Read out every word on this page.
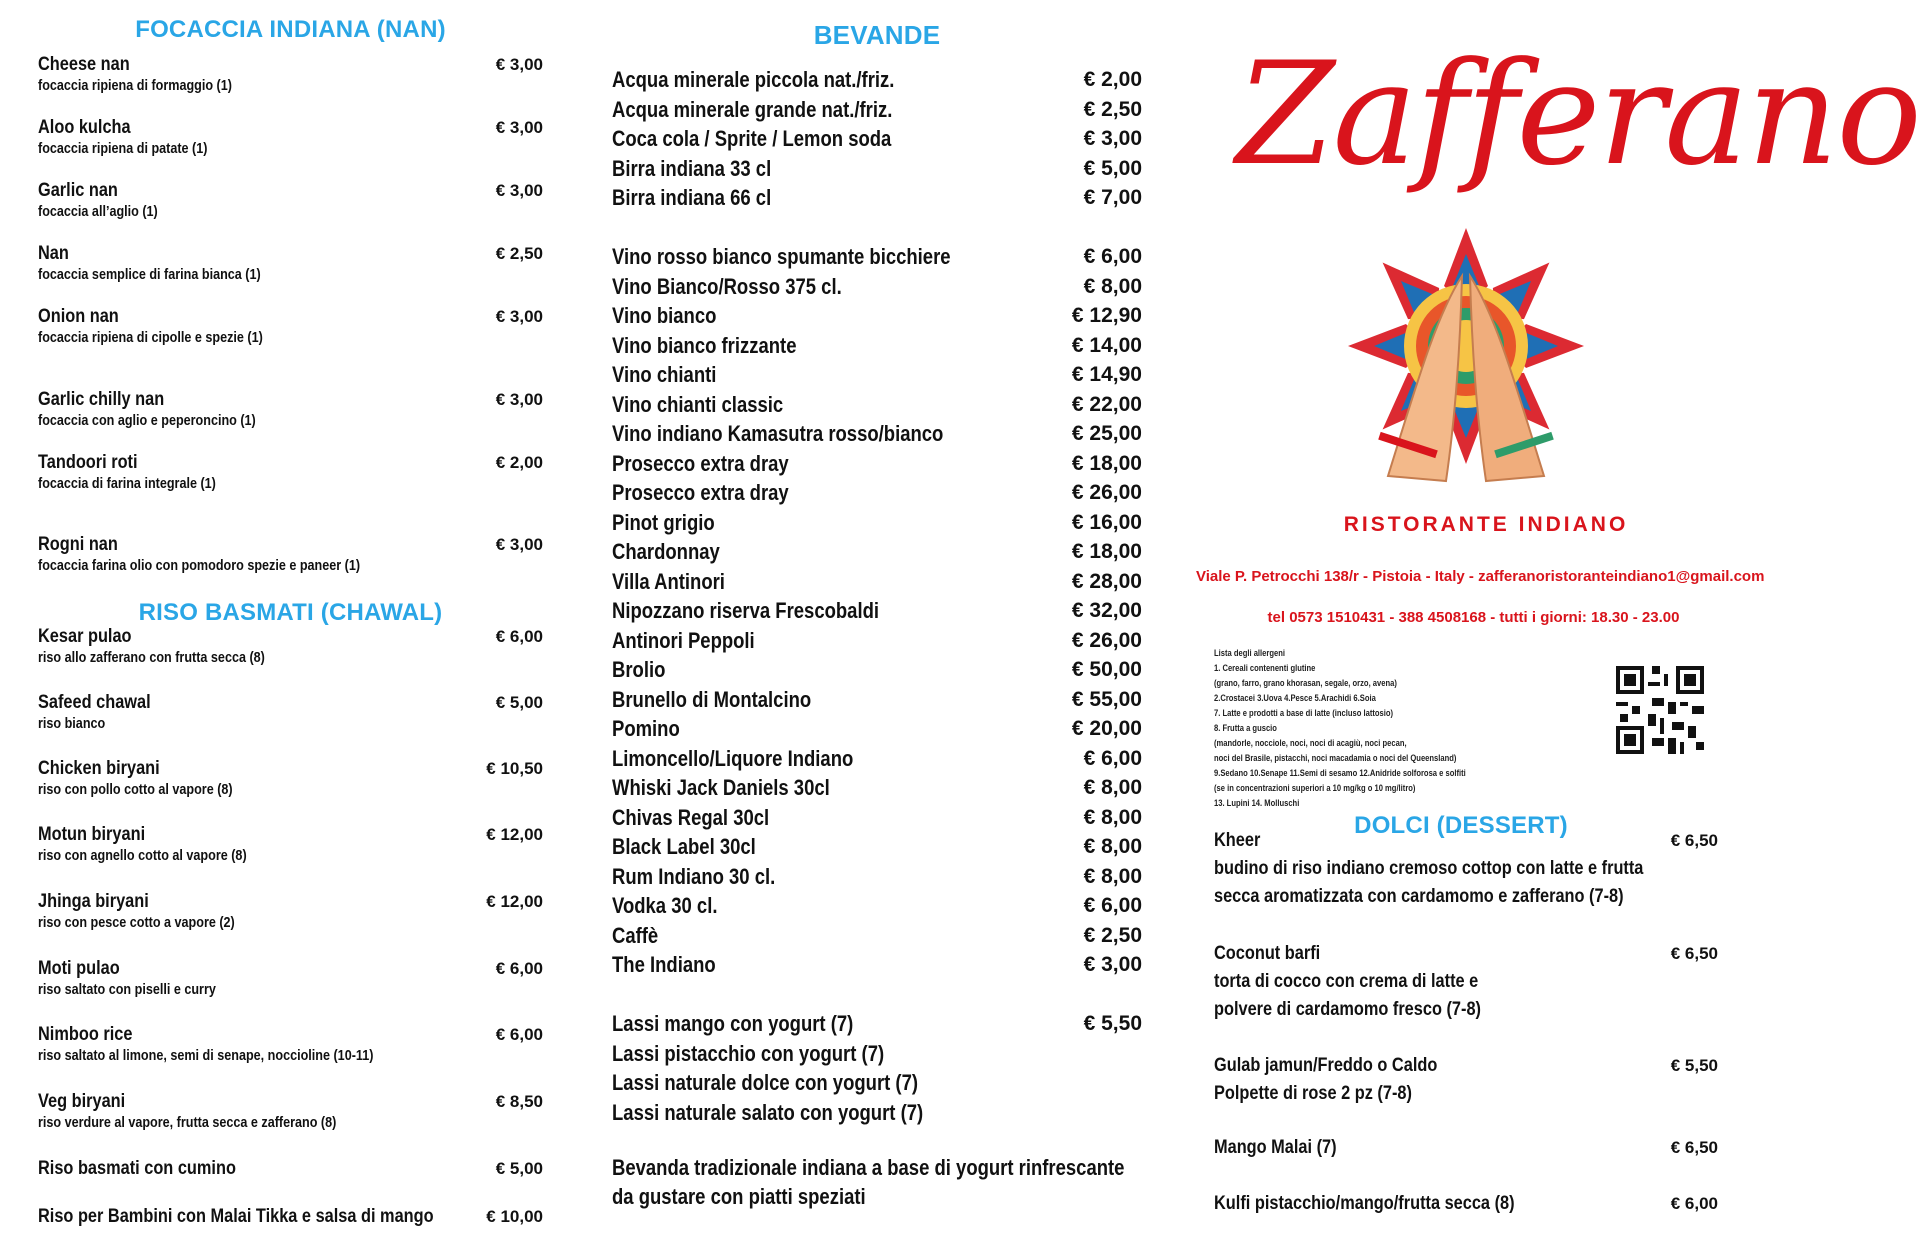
FOCACCIA INDIANA (NAN)
Cheese nan
focaccia ripiena di formaggio (1)
€ 3,00
Aloo kulcha
focaccia ripiena di patate (1)
€ 3,00
Garlic nan
focaccia all’aglio (1)
€ 3,00
Nan
focaccia semplice di farina bianca (1)
€ 2,50
Onion nan
focaccia ripiena di cipolle e spezie (1)
€ 3,00
Garlic chilly nan
focaccia con aglio e peperoncino (1)
€ 3,00
Tandoori roti
focaccia di farina integrale (1)
€ 2,00
Rogni nan
focaccia farina olio con pomodoro spezie e paneer (1)
€ 3,00
RISO BASMATI (CHAWAL)
Kesar pulao
riso allo zafferano con frutta secca (8)
€ 6,00
Safeed chawal
riso bianco
€ 5,00
Chicken biryani
riso con pollo cotto al vapore (8)
€ 10,50
Motun biryani
riso con agnello cotto al vapore (8)
€ 12,00
Jhinga biryani
riso con pesce cotto a vapore (2)
€ 12,00
Moti pulao
riso saltato con piselli e curry
€ 6,00
Nimboo rice
riso saltato al limone, semi di senape, noccioline (10-11)
€ 6,00
Veg biryani
riso verdure al vapore, frutta secca e zafferano (8)
€ 8,50
Riso basmati con cumino	€ 5,00
Riso per Bambini con Malai Tikka e salsa di mango	€ 10,00
BEVANDE
Acqua minerale piccola nat./friz.	€ 2,00
Acqua minerale grande nat./friz.	€ 2,50
Coca cola / Sprite / Lemon soda	€ 3,00
Birra indiana 33 cl	€ 5,00
Birra indiana 66 cl	€ 7,00
Vino rosso bianco spumante bicchiere	€ 6,00
Vino Bianco/Rosso 375 cl.	€ 8,00
Vino bianco	€ 12,90
Vino bianco frizzante	€ 14,00
Vino chianti	€ 14,90
Vino chianti classic	€ 22,00
Vino indiano Kamasutra rosso/bianco	€ 25,00
Prosecco extra dray	€ 18,00
Prosecco extra dray	€ 26,00
Pinot grigio	€ 16,00
Chardonnay	€ 18,00
Villa Antinori	€ 28,00
Nipozzano riserva Frescobaldi	€ 32,00
Antinori Peppoli	€ 26,00
Brolio	€ 50,00
Brunello di Montalcino	€ 55,00
Pomino	€ 20,00
Limoncello/Liquore Indiano	€ 6,00
Whiski Jack Daniels 30cl	€ 8,00
Chivas Regal 30cl	€ 8,00
Black Label 30cl	€ 8,00
Rum Indiano 30 cl.	€ 8,00
Vodka 30 cl.	€ 6,00
Caffè	€ 2,50
The Indiano	€ 3,00
Lassi mango con yogurt (7)	€ 5,50
Lassi pistacchio con yogurt (7)
Lassi naturale dolce con yogurt (7)
Lassi naturale salato con yogurt (7)
Bevanda tradizionale indiana a base di yogurt rinfrescante
da gustare con piatti speziati
Zafferano
RISTORANTE INDIANO
Viale P. Petrocchi 138/r - Pistoia - Italy - zafferanoristoranteindiano1@gmail.com
tel 0573 1510431 - 388 4508168 - tutti i giorni: 18.30 - 23.00
Lista degli allergeni
1. Cereali contenenti glutine
(grano, farro, grano khorasan, segale, orzo, avena)
2.Crostacei 3.Uova 4.Pesce 5.Arachidi 6.Soia
7. Latte e prodotti a base di latte (incluso lattosio)
8. Frutta a guscio
(mandorle, nocciole, noci, noci di acagiù, noci pecan,
noci del Brasile, pistacchi, noci macadamia o noci del Queensland)
9.Sedano 10.Senape 11.Semi di sesamo 12.Anidride solforosa e solfiti
(se in concentrazioni superiori a 10 mg/kg o 10 mg/litro)
13. Lupini 14. Molluschi
DOLCI (DESSERT)
Kheer
budino di riso indiano cremoso cottop con latte e frutta
secca aromatizzata con cardamomo e zafferano (7-8)
€ 6,50
Coconut barfi
torta di cocco con crema di latte e
polvere di cardamomo fresco (7-8)
€ 6,50
Gulab jamun/Freddo o Caldo
Polpette di rose 2 pz (7-8)
€ 5,50
Mango Malai (7)	€ 6,50
Kulfi pistacchio/mango/frutta secca (8)	€ 6,00
